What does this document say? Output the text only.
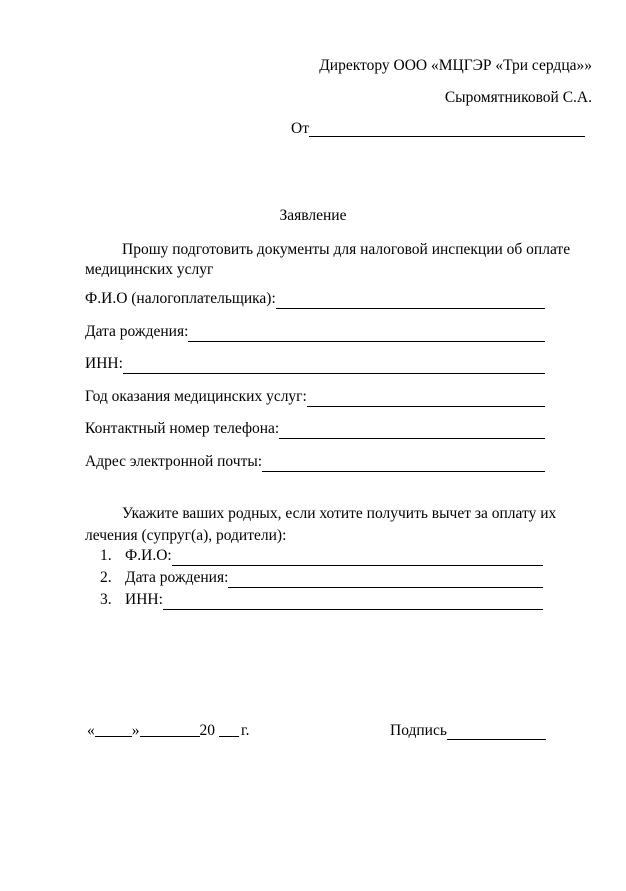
Директору ООО «МЦГЭР «Три сердца»»
Сыромятниковой С.А.
От
Заявление
Прошу подготовить документы для налоговой инспекции об оплате медицинских услуг
Ф.И.О (налогоплательщика):
Дата рождения:
ИНН:
Год оказания медицинских услуг:
Контактный номер телефона:
Адрес электронной почты:
Укажите ваших родных, если хотите получить вычет за оплату их лечения (супруг(а), родители):
1. Ф.И.О:
2. Дата рождения:
3. ИНН:
« »	20 г.	Подпись
